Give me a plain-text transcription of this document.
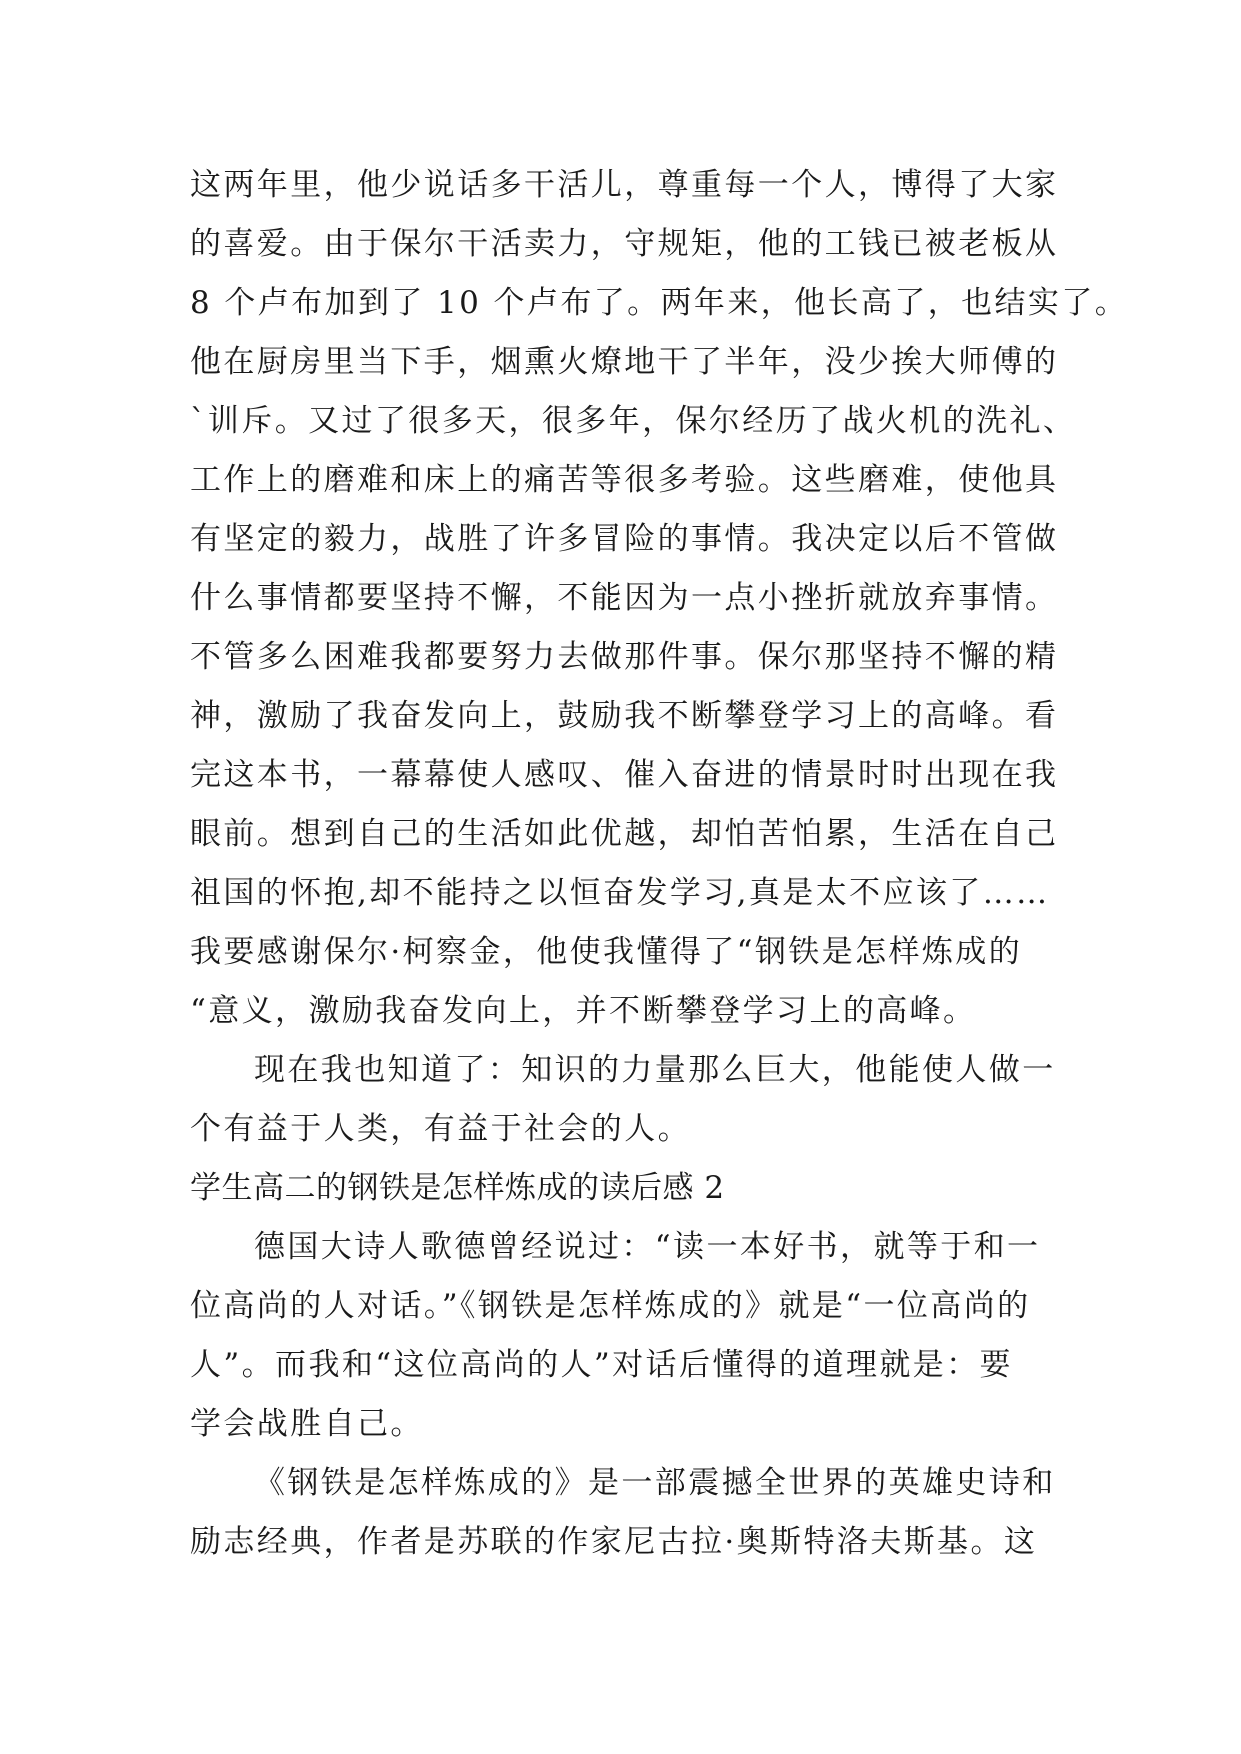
这两年里，他少说话多干活儿，尊重每一个人，博得了大家
的喜爱。由于保尔干活卖力，守规矩，他的工钱已被老板从
8 个卢布加到了 10 个卢布了。两年来，他长高了，也结实了。
他在厨房里当下手，烟熏火燎地干了半年，没少挨大师傅的
`训斥。又过了很多天，很多年，保尔经历了战火机的洗礼、
工作上的磨难和床上的痛苦等很多考验。这些磨难，使他具
有坚定的毅力，战胜了许多冒险的事情。我决定以后不管做
什么事情都要坚持不懈，不能因为一点小挫折就放弃事情。
不管多么困难我都要努力去做那件事。保尔那坚持不懈的精
神，激励了我奋发向上，鼓励我不断攀登学习上的高峰。看
完这本书，一幕幕使人感叹、催入奋进的情景时时出现在我
眼前。想到自己的生活如此优越，却怕苦怕累，生活在自己
祖国的怀抱,却不能持之以恒奋发学习,真是太不应该了……
我要感谢保尔·柯察金，他使我懂得了“钢铁是怎样炼成的
“意义，激励我奋发向上，并不断攀登学习上的高峰。
现在我也知道了：知识的力量那么巨大，他能使人做一
个有益于人类，有益于社会的人。
学生高二的钢铁是怎样炼成的读后感 2
德国大诗人歌德曾经说过：“读一本好书，就等于和一
位高尚的人对话。”《钢铁是怎样炼成的》就是“一位高尚的
人”。而我和“这位高尚的人”对话后懂得的道理就是：要
学会战胜自己。
《钢铁是怎样炼成的》是一部震撼全世界的英雄史诗和
励志经典，作者是苏联的作家尼古拉·奥斯特洛夫斯基。这
